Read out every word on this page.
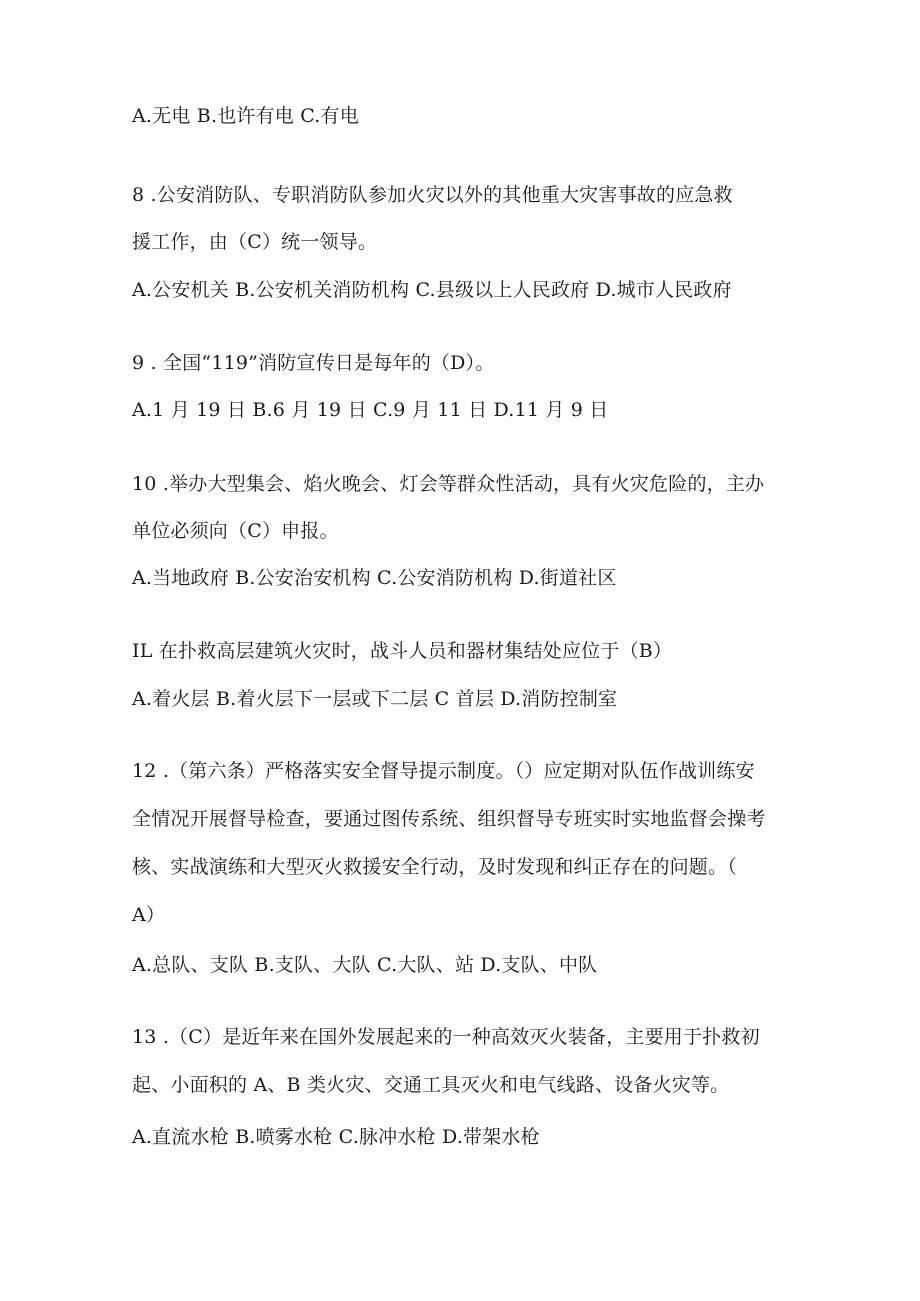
A.无电 B.也许有电 C.有电
8 .公安消防队、专职消防队参加火灾以外的其他重大灾害事故的应急救
援工作，由（C）统一领导。
A.公安机关 B.公安机关消防机构 C.县级以上人民政府 D.城市人民政府
9 . 全国“119”消防宣传日是每年的（D）。
A.1 月 19 日 B.6 月 19 日 C.9 月 11 日 D.11 月 9 日
10 .举办大型集会、焰火晚会、灯会等群众性活动，具有火灾危险的，主办
单位必须向（C）申报。
A.当地政府 B.公安治安机构 C.公安消防机构 D.街道社区
IL 在扑救高层建筑火灾时，战斗人员和器材集结处应位于（B）
A.着火层 B.着火层下一层或下二层 C 首层 D.消防控制室
12 .（第六条）严格落实安全督导提示制度。（）应定期对队伍作战训练安
全情况开展督导检查，要通过图传系统、组织督导专班实时实地监督会操考
核、实战演练和大型灭火救援安全行动，及时发现和纠正存在的问题。（
A）
A.总队、支队 B.支队、大队 C.大队、站 D.支队、中队
13 .（C）是近年来在国外发展起来的一种高效灭火装备，主要用于扑救初
起、小面积的 A、B 类火灾、交通工具灭火和电气线路、设备火灾等。
A.直流水枪 B.喷雾水枪 C.脉冲水枪 D.带架水枪
